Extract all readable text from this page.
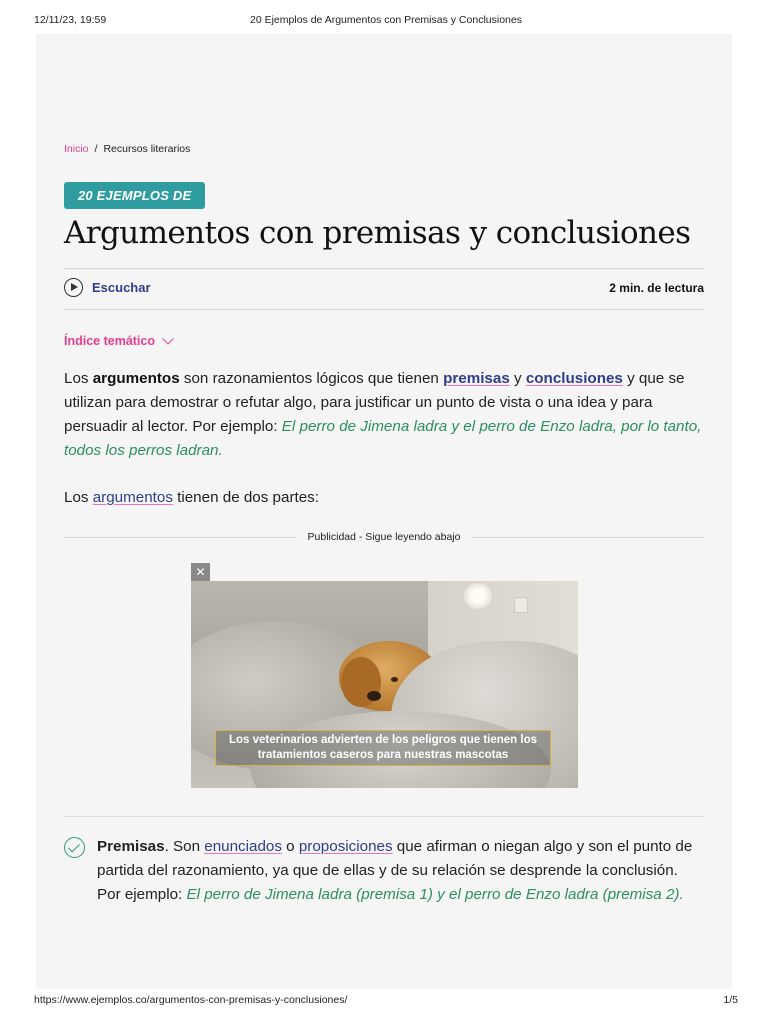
12/11/23, 19:59	20 Ejemplos de Argumentos con Premisas y Conclusiones
Inicio / Recursos literarios
20 EJEMPLOS DE
Argumentos con premisas y conclusiones
Escuchar	2 min. de lectura
Índice temático

Los argumentos son razonamientos lógicos que tienen premisas y conclusiones y que se utilizan para demostrar o refutar algo, para justificar un punto de vista o una idea y para persuadir al lector. Por ejemplo: El perro de Jimena ladra y el perro de Enzo ladra, por lo tanto, todos los perros ladran.

Los argumentos tienen de dos partes:

Publicidad - Sigue leyendo abajo
✕
Los veterinarios advierten de los peligros que tienen los tratamientos caseros para nuestras mascotas

Premisas. Son enunciados o proposiciones que afirman o niegan algo y son el punto de partida del razonamiento, ya que de ellas y de su relación se desprende la conclusión. Por ejemplo: El perro de Jimena ladra (premisa 1) y el perro de Enzo ladra (premisa 2).

https://www.ejemplos.co/argumentos-con-premisas-y-conclusiones/	1/5
